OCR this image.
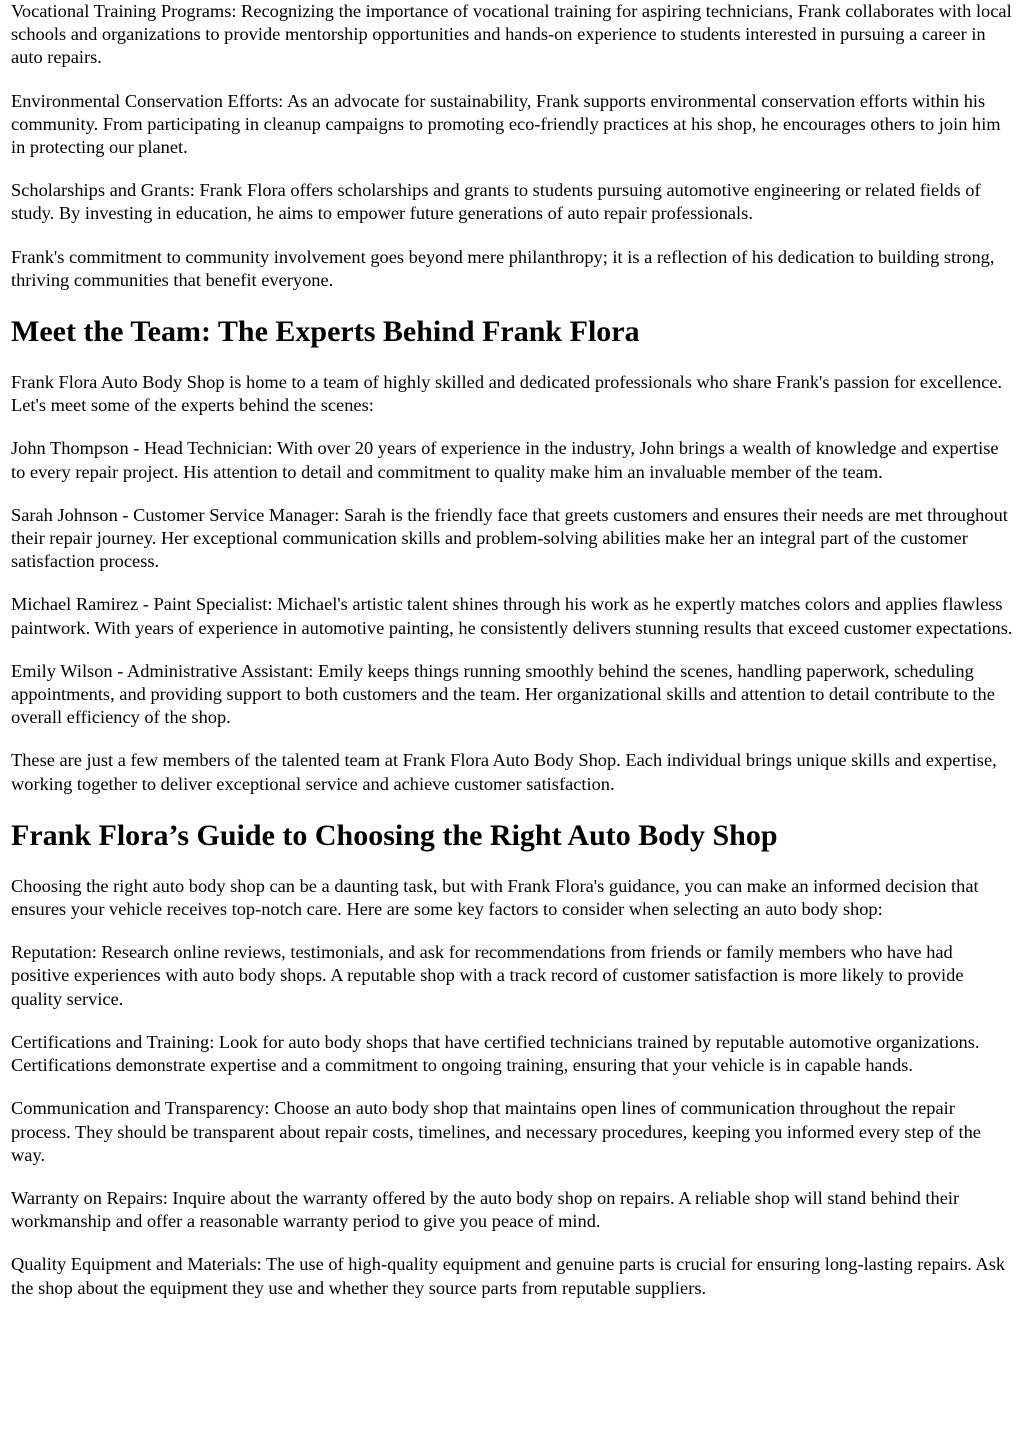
Vocational Training Programs: Recognizing the importance of vocational training for aspiring technicians, Frank collaborates with local schools and organizations to provide mentorship opportunities and hands-on experience to students interested in pursuing a career in auto repairs.

Environmental Conservation Efforts: As an advocate for sustainability, Frank supports environmental conservation efforts within his community. From participating in cleanup campaigns to promoting eco-friendly practices at his shop, he encourages others to join him in protecting our planet.

Scholarships and Grants: Frank Flora offers scholarships and grants to students pursuing automotive engineering or related fields of study. By investing in education, he aims to empower future generations of auto repair professionals.

Frank's commitment to community involvement goes beyond mere philanthropy; it is a reflection of his dedication to building strong, thriving communities that benefit everyone.

Meet the Team: The Experts Behind Frank Flora

Frank Flora Auto Body Shop is home to a team of highly skilled and dedicated professionals who share Frank's passion for excellence. Let's meet some of the experts behind the scenes:

John Thompson - Head Technician: With over 20 years of experience in the industry, John brings a wealth of knowledge and expertise to every repair project. His attention to detail and commitment to quality make him an invaluable member of the team.

Sarah Johnson - Customer Service Manager: Sarah is the friendly face that greets customers and ensures their needs are met throughout their repair journey. Her exceptional communication skills and problem-solving abilities make her an integral part of the customer satisfaction process.

Michael Ramirez - Paint Specialist: Michael's artistic talent shines through his work as he expertly matches colors and applies flawless paintwork. With years of experience in automotive painting, he consistently delivers stunning results that exceed customer expectations.

Emily Wilson - Administrative Assistant: Emily keeps things running smoothly behind the scenes, handling paperwork, scheduling appointments, and providing support to both customers and the team. Her organizational skills and attention to detail contribute to the overall efficiency of the shop.

These are just a few members of the talented team at Frank Flora Auto Body Shop. Each individual brings unique skills and expertise, working together to deliver exceptional service and achieve customer satisfaction.

Frank Flora’s Guide to Choosing the Right Auto Body Shop

Choosing the right auto body shop can be a daunting task, but with Frank Flora's guidance, you can make an informed decision that ensures your vehicle receives top-notch care. Here are some key factors to consider when selecting an auto body shop:

Reputation: Research online reviews, testimonials, and ask for recommendations from friends or family members who have had positive experiences with auto body shops. A reputable shop with a track record of customer satisfaction is more likely to provide quality service.

Certifications and Training: Look for auto body shops that have certified technicians trained by reputable automotive organizations. Certifications demonstrate expertise and a commitment to ongoing training, ensuring that your vehicle is in capable hands.

Communication and Transparency: Choose an auto body shop that maintains open lines of communication throughout the repair process. They should be transparent about repair costs, timelines, and necessary procedures, keeping you informed every step of the way.

Warranty on Repairs: Inquire about the warranty offered by the auto body shop on repairs. A reliable shop will stand behind their workmanship and offer a reasonable warranty period to give you peace of mind.

Quality Equipment and Materials: The use of high-quality equipment and genuine parts is crucial for ensuring long-lasting repairs. Ask the shop about the equipment they use and whether they source parts from reputable suppliers.
